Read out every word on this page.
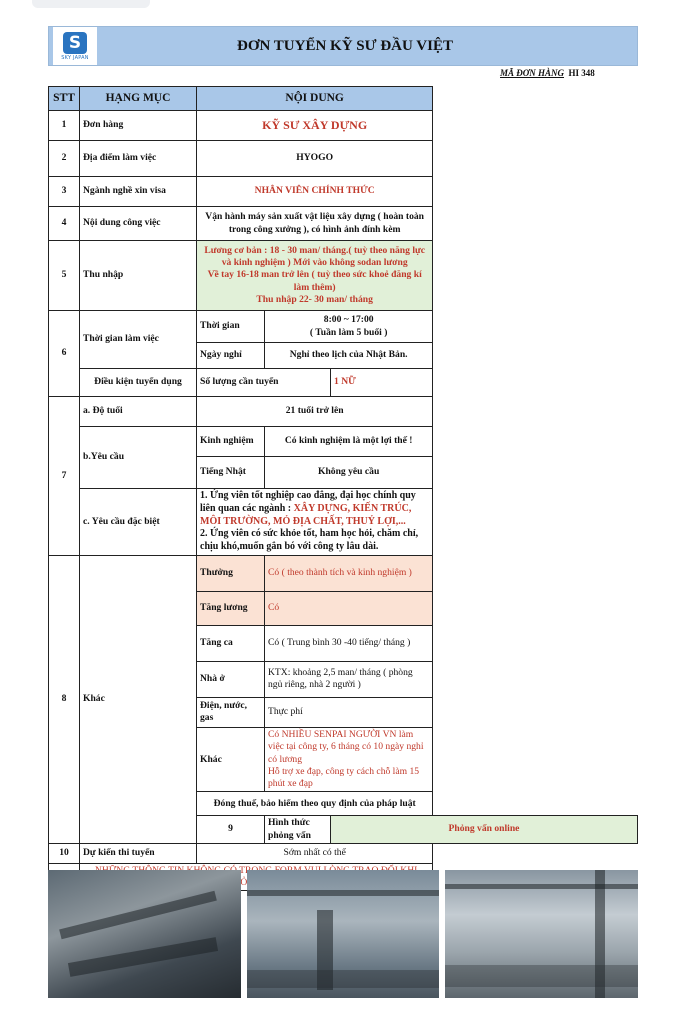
S
SKY JAPAN
ĐƠN TUYỂN KỸ SƯ ĐẦU VIỆT
MÃ ĐƠN HÀNG HI 348
STT	HẠNG MỤC	NỘI DUNG		
1	Đơn hàng	KỸ SƯ XÂY DỰNG		
2	Địa điểm làm việc	HYOGO		
3	Ngành nghề xin visa	NHÂN VIÊN CHÍNH THỨC		
4	Nội dung công việc	Vận hành máy sản xuất vật liệu xây dựng ( hoàn toàn trong công xưởng ), có hình ảnh đính kèm		
5	Thu nhập	Lương cơ bản : 18 - 30 man/ tháng.( tuỳ theo năng lực và kinh nghiệm ) Mới vào không sodan lương
Về tay 16-18 man trở lên ( tuỳ theo sức khoẻ đăng kí làm thêm)
Thu nhập 22- 30 man/ tháng		

6	Thời gian làm việc	Thời gian	8:00 ~ 17:00
( Tuần làm 5 buổi )	

		Ngày nghỉ	Nghỉ theo lịch của Nhật Bản.	
	Điều kiện tuyển dụng	Số lượng cần tuyển		1 NỮ
7	a. Độ tuổi	21 tuổi trở lên		
	b.Yêu cầu	Kinh nghiệm	Có kinh nghiệm là một lợi thế !	
		Tiếng Nhật	Không yêu cầu	
	c. Yêu cầu đặc biệt	1. Ứng viên tốt nghiệp cao đẳng, đại học chính quy liên quan các ngành : XÂY DỰNG, KIẾN TRÚC, MÔI TRƯỜNG, MỎ ĐỊA CHẤT, THUỶ LỢI,...
2. Ứng viên có sức khỏe tốt, ham học hỏi, chăm chỉ, chịu khó,muốn gắn bó với công ty lâu dài.		
8	Khác	Thưởng	Có ( theo thành tích và kinh nghiệm )	
		Tăng lương	Có	
		Tăng ca	Có ( Trung bình 30 -40 tiếng/ tháng )	
		Nhà ở	KTX: khoảng 2,5 man/ tháng ( phòng ngủ riêng, nhà 2 người )	
		Điện, nước, gas	Thực phí	
		Khác	Có NHIỀU SENPAI NGƯỜI VN làm việc tại công ty, 6 tháng có 10 ngày nghỉ có lương
Hỗ trợ xe đạp, công ty cách chỗ làm 15 phút xe đạp	

		Đóng thuế, bảo hiểm theo quy định của pháp luật		
		9	Hình thức phỏng vấn	Phỏng vấn online
10	Dự kiến thi tuyển	Sớm nhất có thể		
	PHỎNG			
